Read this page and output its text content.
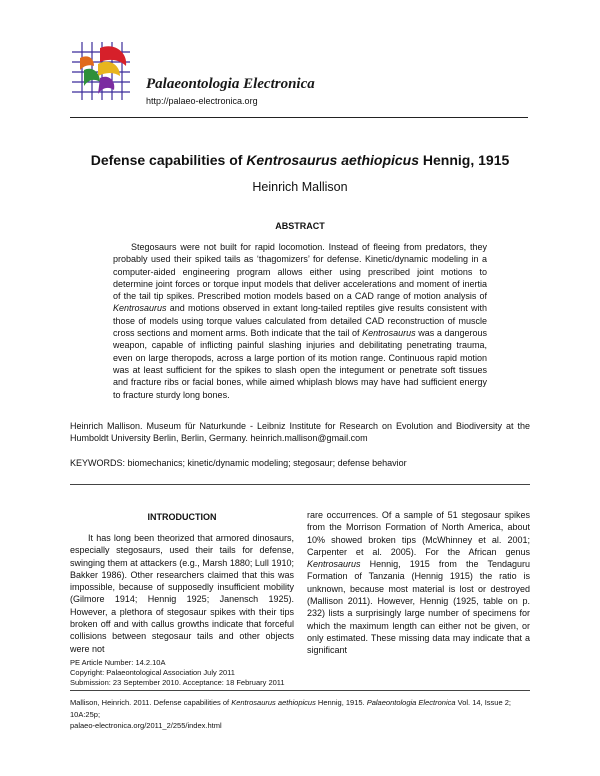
Palaeontologia Electronica
http://palaeo-electronica.org
Defense capabilities of Kentrosaurus aethiopicus Hennig, 1915
Heinrich Mallison
ABSTRACT
Stegosaurs were not built for rapid locomotion. Instead of fleeing from predators, they probably used their spiked tails as ‘thagomizers’ for defense. Kinetic/dynamic modeling in a computer-aided engineering program allows either using prescribed joint motions to determine joint forces or torque input models that deliver accelerations and moment of inertia of the tail tip spikes. Prescribed motion models based on a CAD range of motion analysis of Kentrosaurus and motions observed in extant long-tailed reptiles give results consistent with those of models using torque values calculated from detailed CAD reconstruction of muscle cross sections and moment arms. Both indicate that the tail of Kentrosaurus was a dangerous weapon, capable of inflicting painful slashing injuries and debilitating penetrating trauma, even on large theropods, across a large portion of its motion range. Continuous rapid motion was at least sufficient for the spikes to slash open the integument or penetrate soft tissues and fracture ribs or facial bones, while aimed whiplash blows may have had sufficient energy to fracture sturdy long bones.
Heinrich Mallison. Museum für Naturkunde - Leibniz Institute for Research on Evolution and Biodiversity at the Humboldt University Berlin, Berlin, Germany. heinrich.mallison@gmail.com
KEYWORDS: biomechanics; kinetic/dynamic modeling; stegosaur; defense behavior
INTRODUCTION
It has long been theorized that armored dinosaurs, especially stegosaurs, used their tails for defense, swinging them at attackers (e.g., Marsh 1880; Lull 1910; Bakker 1986). Other researchers claimed that this was impossible, because of supposedly insufficient mobility (Gilmore 1914; Hennig 1925; Janensch 1925). However, a plethora of stegosaur spikes with their tips broken off and with callus growths indicate that forceful collisions between stegosaur tails and other objects were not
rare occurrences. Of a sample of 51 stegosaur spikes from the Morrison Formation of North America, about 10% showed broken tips (McWhinney et al. 2001; Carpenter et al. 2005). For the African genus Kentrosaurus Hennig, 1915 from the Tendaguru Formation of Tanzania (Hennig 1915) the ratio is unknown, because most material is lost or destroyed (Mallison 2011). However, Hennig (1925, table on p. 232) lists a surprisingly large number of specimens for which the maximum length can either not be given, or only estimated. These missing data may indicate that a significant
PE Article Number: 14.2.10A
Copyright: Palaeontological Association July 2011
Submission: 23 September 2010. Acceptance: 18 February 2011
Mallison, Heinrich. 2011. Defense capabilities of Kentrosaurus aethiopicus Hennig, 1915. Palaeontologia Electronica Vol. 14, Issue 2; 10A:25p;
palaeo-electronica.org/2011_2/255/index.html
